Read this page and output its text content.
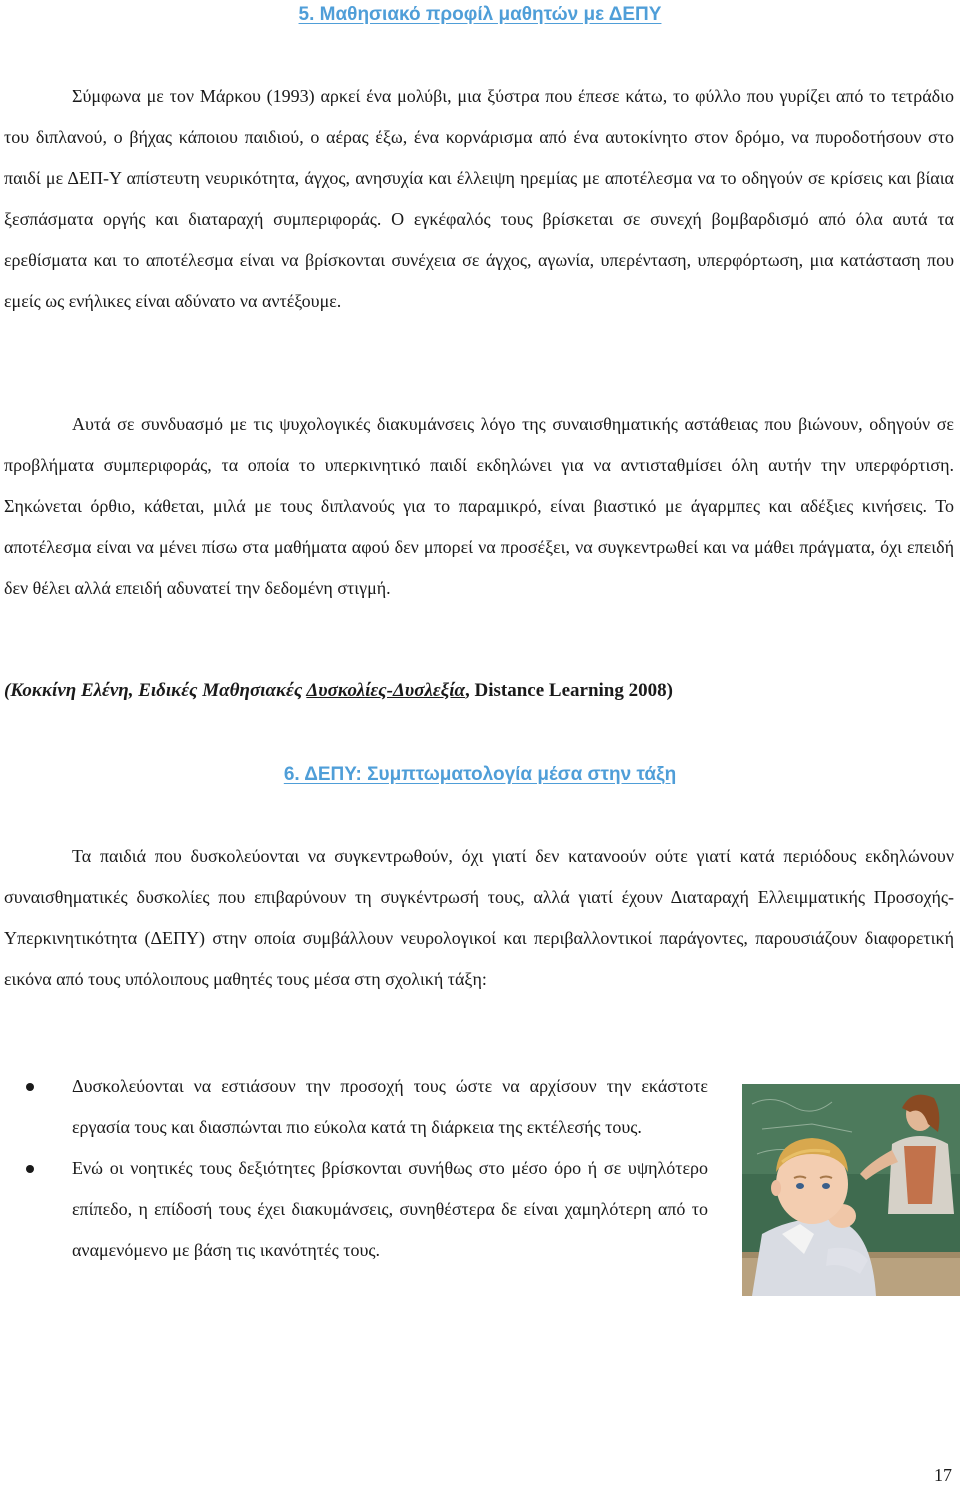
5. Μαθησιακό προφίλ μαθητών με ΔΕΠΥ

Σύμφωνα με τον Μάρκου (1993) αρκεί ένα μολύβι, μια ξύστρα που έπεσε κάτω, το φύλλο που γυρίζει από το τετράδιο του διπλανού, ο βήχας κάποιου παιδιού, ο αέρας έξω, ένα κορνάρισμα από ένα αυτοκίνητο στον δρόμο, να πυροδοτήσουν στο παιδί με ΔΕΠ-Υ απίστευτη νευρικότητα, άγχος, ανησυχία και έλλειψη ηρεμίας με αποτέλεσμα να το οδηγούν σε κρίσεις και βίαια ξεσπάσματα οργής και διαταραχή συμπεριφοράς. Ο εγκέφαλός τους βρίσκεται σε συνεχή βομβαρδισμό από όλα αυτά τα ερεθίσματα και το αποτέλεσμα είναι να βρίσκονται συνέχεια σε άγχος, αγωνία, υπερένταση, υπερφόρτωση, μια κατάσταση που εμείς ως ενήλικες είναι αδύνατο να αντέξουμε.

Αυτά σε συνδυασμό με τις ψυχολογικές διακυμάνσεις λόγο της συναισθηματικής αστάθειας που βιώνουν, οδηγούν σε προβλήματα συμπεριφοράς, τα οποία το υπερκινητικό παιδί εκδηλώνει για να αντισταθμίσει όλη αυτήν την υπερφόρτιση. Σηκώνεται όρθιο, κάθεται, μιλά με τους διπλανούς για το παραμικρό, είναι βιαστικό με άγαρμπες και αδέξιες κινήσεις. Το αποτέλεσμα είναι να μένει πίσω στα μαθήματα αφού δεν μπορεί να προσέξει, να συγκεντρωθεί και να μάθει πράγματα, όχι επειδή δεν θέλει αλλά επειδή αδυνατεί την δεδομένη στιγμή.

(Κοκκίνη Ελένη, Ειδικές Μαθησιακές Δυσκολίες-Δυσλεξία, Distance Learning 2008)

6. ΔΕΠΥ: Συμπτωματολογία μέσα στην τάξη

Τα παιδιά που δυσκολεύονται να συγκεντρωθούν, όχι γιατί δεν κατανοούν ούτε γιατί κατά περιόδους εκδηλώνουν συναισθηματικές δυσκολίες που επιβαρύνουν τη συγκέντρωσή τους, αλλά γιατί έχουν Διαταραχή Ελλειμματικής Προσοχής-Υπερκινητικότητα (ΔΕΠΥ) στην οποία συμβάλλουν νευρολογικοί και περιβαλλοντικοί παράγοντες, παρουσιάζουν διαφορετική εικόνα από τους υπόλοιπους μαθητές τους μέσα στη σχολική τάξη:

Δυσκολεύονται να εστιάσουν την προσοχή τους ώστε να αρχίσουν την εκάστοτε εργασία τους και διασπώνται πιο εύκολα κατά τη διάρκεια της εκτέλεσής τους.
Ενώ οι νοητικές τους δεξιότητες βρίσκονται συνήθως στο μέσο όρο ή σε υψηλότερο επίπεδο, η επίδοσή τους έχει διακυμάνσεις, συνηθέστερα δε είναι χαμηλότερη από το αναμενόμενο με βάση τις ικανότητές τους.
17
